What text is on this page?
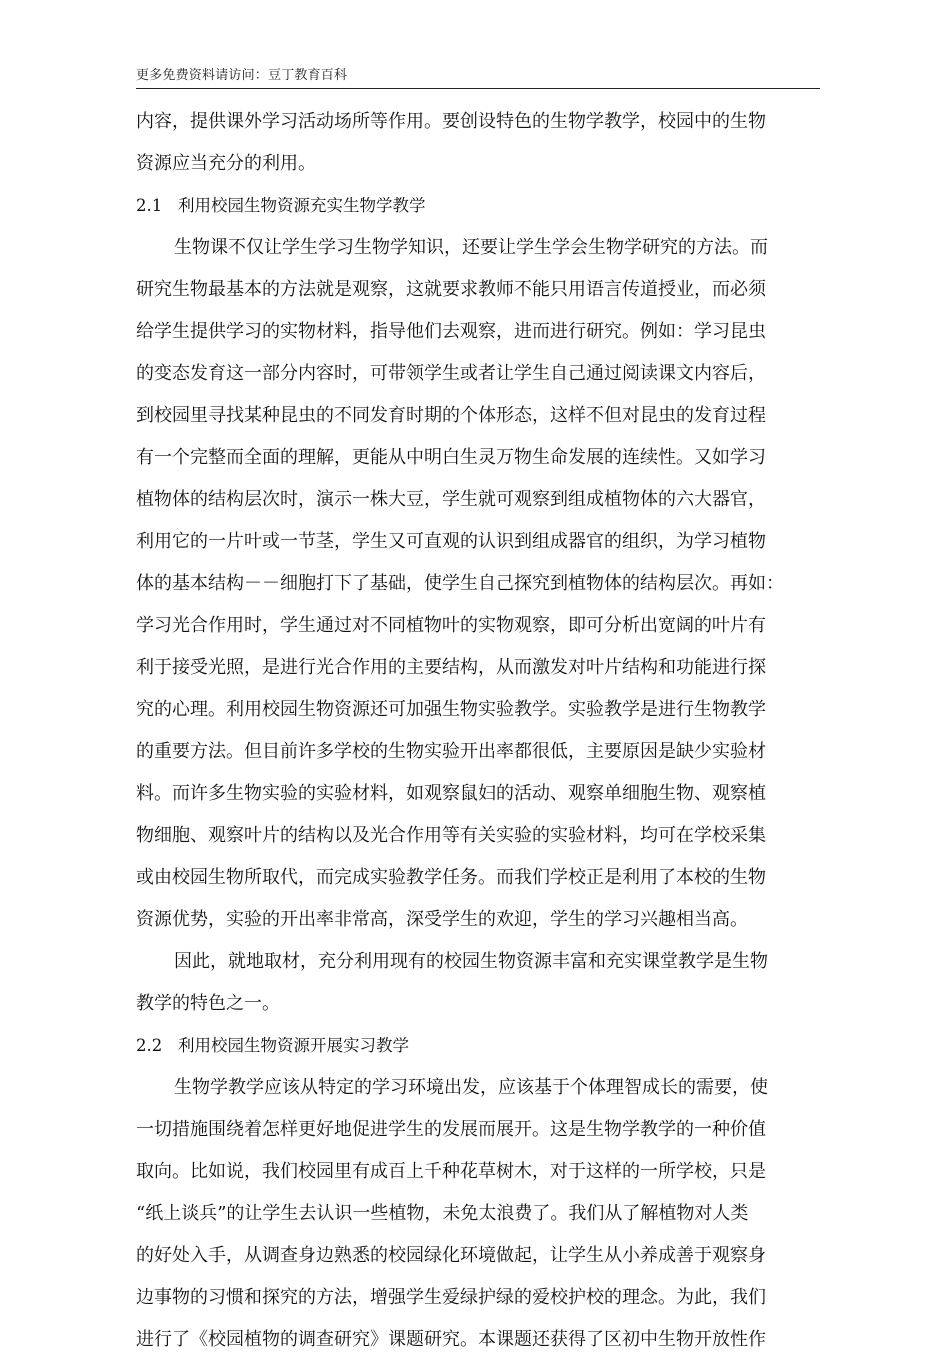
更多免费资料请访问：豆丁教育百科
内容，提供课外学习活动场所等作用。要创设特色的生物学教学，校园中的生物
资源应当充分的利用。
2.1 利用校园生物资源充实生物学教学
生物课不仅让学生学习生物学知识，还要让学生学会生物学研究的方法。而
研究生物最基本的方法就是观察，这就要求教师不能只用语言传道授业，而必须
给学生提供学习的实物材料，指导他们去观察，进而进行研究。例如：学习昆虫
的变态发育这一部分内容时，可带领学生或者让学生自己通过阅读课文内容后，
到校园里寻找某种昆虫的不同发育时期的个体形态，这样不但对昆虫的发育过程
有一个完整而全面的理解，更能从中明白生灵万物生命发展的连续性。又如学习
植物体的结构层次时，演示一株大豆，学生就可观察到组成植物体的六大器官，
利用它的一片叶或一节茎，学生又可直观的认识到组成器官的组织，为学习植物
体的基本结构－－细胞打下了基础，使学生自己探究到植物体的结构层次。再如：
学习光合作用时，学生通过对不同植物叶的实物观察，即可分析出宽阔的叶片有
利于接受光照，是进行光合作用的主要结构，从而激发对叶片结构和功能进行探
究的心理。利用校园生物资源还可加强生物实验教学。实验教学是进行生物教学
的重要方法。但目前许多学校的生物实验开出率都很低，主要原因是缺少实验材
料。而许多生物实验的实验材料，如观察鼠妇的活动、观察单细胞生物、观察植
物细胞、观察叶片的结构以及光合作用等有关实验的实验材料，均可在学校采集
或由校园生物所取代，而完成实验教学任务。而我们学校正是利用了本校的生物
资源优势，实验的开出率非常高，深受学生的欢迎，学生的学习兴趣相当高。
因此，就地取材，充分利用现有的校园生物资源丰富和充实课堂教学是生物
教学的特色之一。
2.2 利用校园生物资源开展实习教学
生物学教学应该从特定的学习环境出发，应该基于个体理智成长的需要，使
一切措施围绕着怎样更好地促进学生的发展而展开。这是生物学教学的一种价值
取向。比如说，我们校园里有成百上千种花草树木，对于这样的一所学校，只是
“纸上谈兵”的让学生去认识一些植物，未免太浪费了。我们从了解植物对人类
的好处入手，从调查身边熟悉的校园绿化环境做起，让学生从小养成善于观察身
边事物的习惯和探究的方法，增强学生爱绿护绿的爱校护校的理念。为此，我们
进行了《校园植物的调查研究》课题研究。本课题还获得了区初中生物开放性作
